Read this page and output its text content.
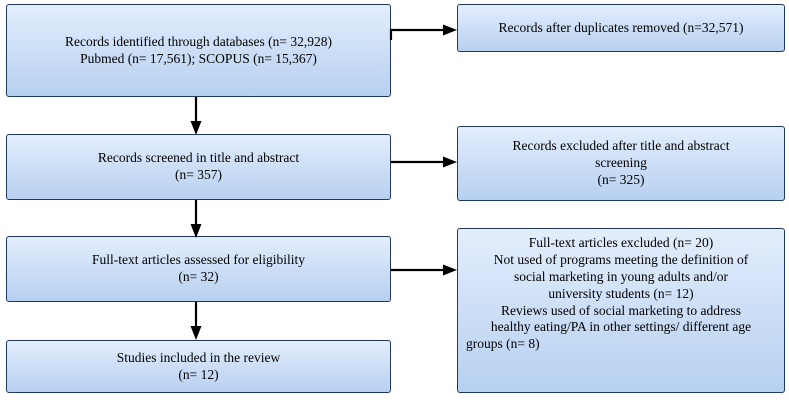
Records identified through databases (n= 32,928)
Pubmed (n= 17,561); SCOPUS (n= 15,367)
Records after duplicates removed (n=32,571)
Records screened in title and abstract
(n= 357)
Records excluded after title and abstract
screening
(n= 325)
Full-text articles assessed for eligibility
(n= 32)
Full-text articles excluded (n= 20)
Not used of programs meeting the definition of
social marketing in young adults and/or
university students (n= 12)
Reviews used of social marketing to address
healthy eating/PA in other settings/ different age
groups (n= 8)
Studies included in the review
(n= 12)
